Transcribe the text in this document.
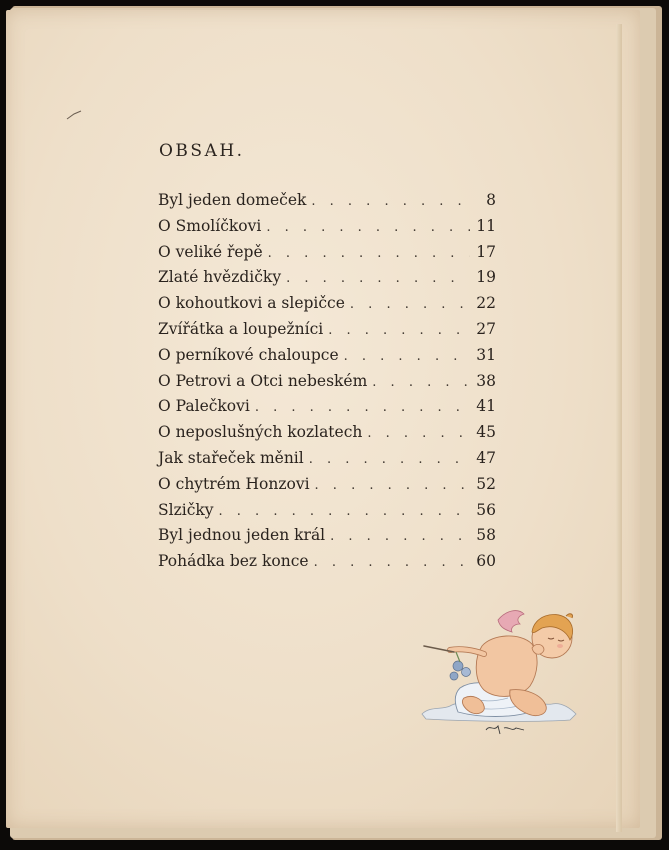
OBSAH.
Byl jeden domeček . . .	8
O Smolíčkovi . . .	11
O veliké řepě . . .	17
Zlaté hvězdičky . . .	19
O kohoutkovi a slepičce . . .	22
Zvířátka a loupežníci . . .	27
O perníkové chaloupce . . .	31
O Petrovi a Otci nebeském . . .	38
O Palečkovi . . .	41
O neposlušných kozlatech . . .	45
Jak stařeček měnil . . .	47
O chytrém Honzovi . . .	52
Slzičky . . .	56
Byl jednou jeden král . . .	58
Pohádka bez konce . . .	60
